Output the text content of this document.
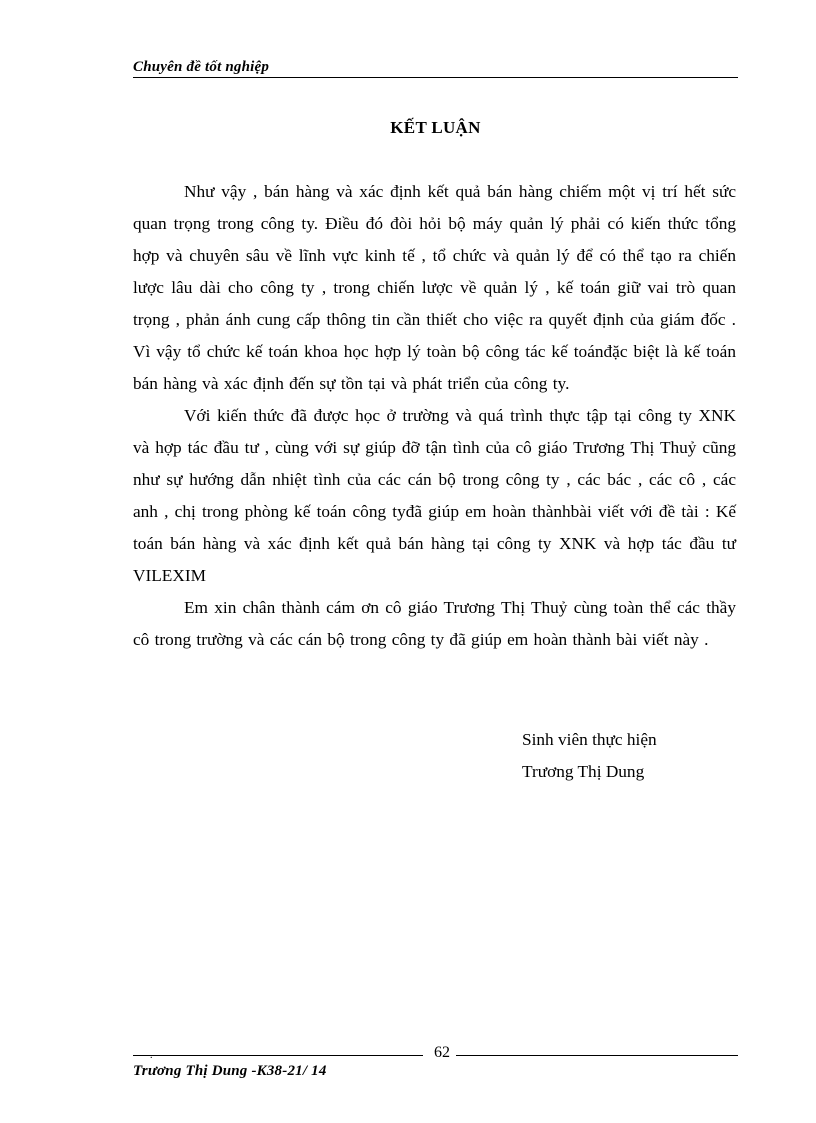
Chuyên đề tốt nghiệp
KẾT LUẬN

Như vậy , bán hàng và xác định kết quả bán hàng chiếm một vị trí hết sức quan trọng trong công ty. Điều đó đòi hỏi bộ máy quản lý phải có kiến thức tổng hợp và chuyên sâu về lĩnh vực kinh tế , tổ chức và quản lý để có thể tạo ra chiến lược lâu dài cho công ty , trong chiến lược về quản lý , kế toán giữ vai trò quan trọng , phản ánh cung cấp thông tin cần thiết cho việc ra quyết định của giám đốc . Vì vậy tổ chức kế toán khoa học hợp lý toàn bộ công tác kế toánđặc biệt là kế toán bán hàng và xác định đến sự tồn tại và phát triển của công ty.

Với kiến thức đã được học ở trường và quá trình thực tập tại công ty XNK và hợp tác đầu tư , cùng với sự giúp đỡ tận tình của cô giáo Trương Thị Thuỷ cũng như sự hướng dẫn nhiệt tình của các cán bộ trong công ty , các bác , các cô , các anh , chị trong phòng kế toán công tyđã giúp em hoàn thànhbài viết với đề tài : Kế toán bán hàng và xác định kết quả bán hàng tại công ty XNK và hợp tác đầu tư VILEXIM

Em xin chân thành cám ơn cô giáo Trương Thị Thuỷ cùng toàn thể các thầy cô trong trường và các cán bộ trong công ty đã giúp em hoàn thành bài viết này .

Sinh viên thực hiện
Trương Thị Dung
.	62
Trương Thị Dung -K38-21/ 14
